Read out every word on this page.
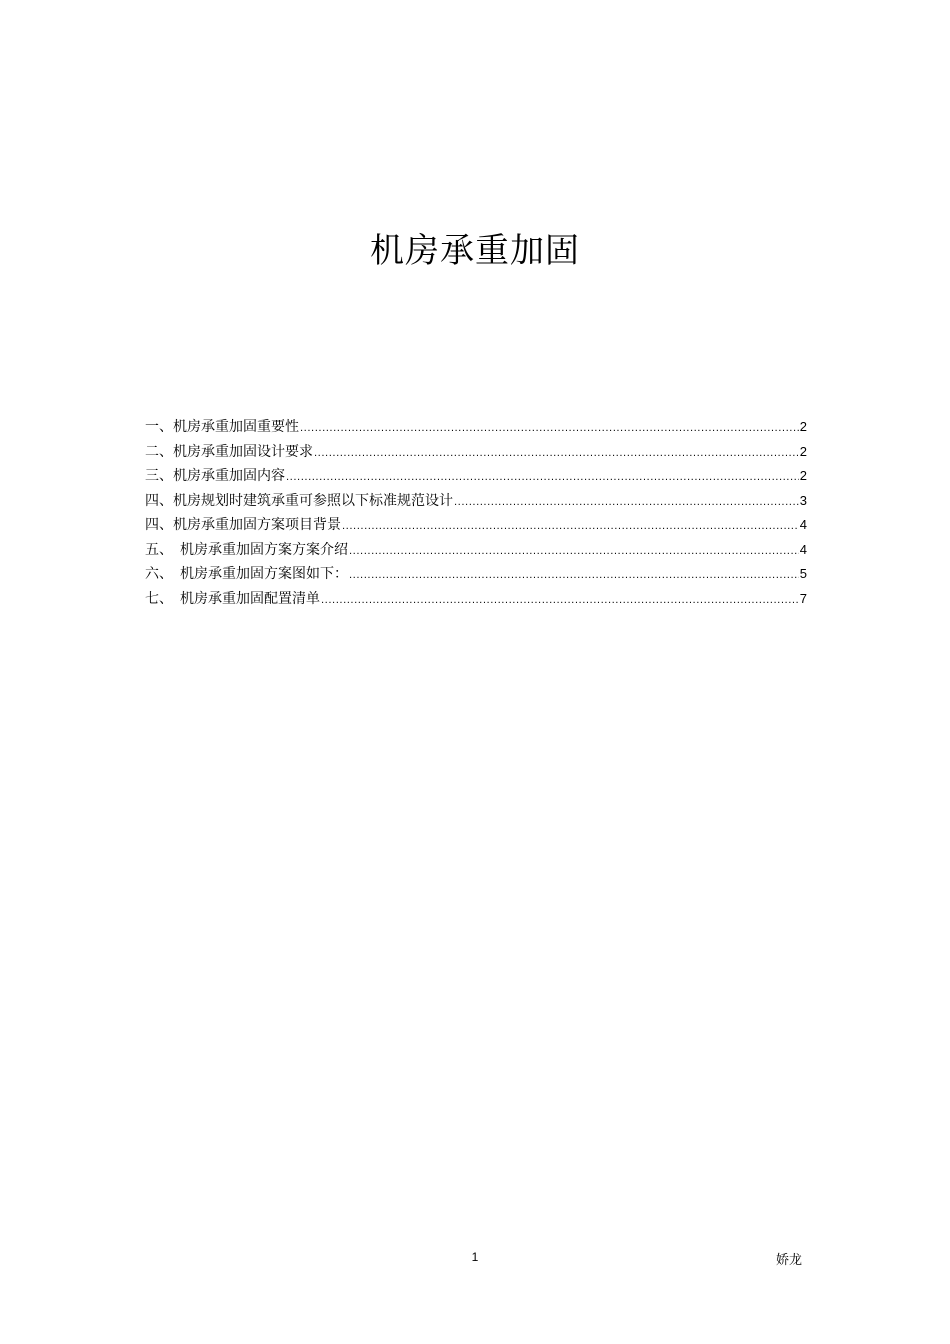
机房承重加固
一、机房承重加固重要性 .....	2
二、机房承重加固设计要求 .....	2
三、机房承重加固内容 .....	2
四、机房规划时建筑承重可参照以下标准规范设计 .....	3
四、机房承重加固方案项目背景 .....	4
五、　机房承重加固方案方案介绍 .....	4
六、　机房承重加固方案图如下： .....	5
七、　机房承重加固配置清单 .....	7
1	娇龙
